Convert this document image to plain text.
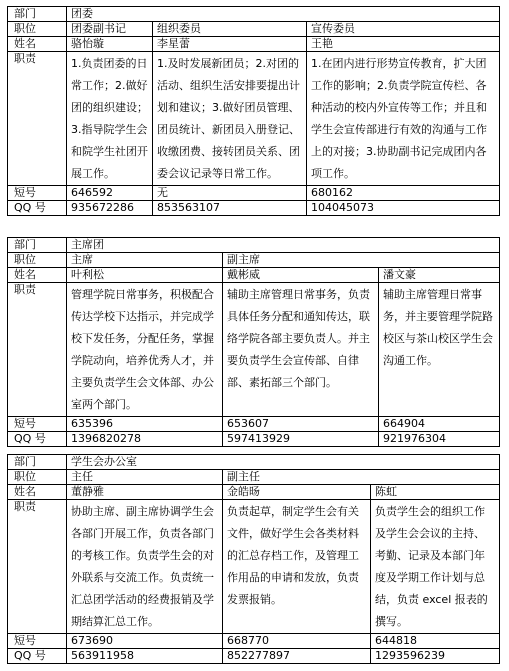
部门	团委		
职位	团委副书记	组织委员	宣传委员
姓名	骆怡璇	李星蕾	王艳
职责	1.负责团委的日常工作；2.做好团的组织建设；3.指导院学生会和院学生社团开展工作。	1.及时发展新团员；2.对团的活动、组织生活安排要提出计划和建议；3.做好团员管理、团员统计、新团员入册登记、收缴团费、接转团员关系、团委会议记录等日常工作。	1.在团内进行形势宣传教育，扩大团工作的影响；2.负责学院宣传栏、各种活动的校内外宣传等工作；并且和学生会宣传部进行有效的沟通与工作上的对接；3.协助副书记完成团内各项工作。
短号	646592	无	680162
QQ 号	935672286	853563107	104045073
部门	主席团		
职位	主席	副主席	
姓名	叶利松	戴彬威	潘文豪
职责	管理学院日常事务，积极配合传达学校下达指示，并完成学校下发任务，分配任务，掌握学院动向，培养优秀人才，并主要负责学生会文体部、办公室两个部门。	辅助主席管理日常事务，负责具体任务分配和通知传达，联络学院各部主要负责人。并主要负责学生会宣传部、自律部、素拓部三个部门。	辅助主席管理日常事务，并主要管理学院路校区与茶山校区学生会沟通工作。
短号	635396	653607	664904
QQ 号	1396820278	597413929	921976304
部门	学生会办公室		
职位	主任	副主任	
姓名	董静雅	金皓旸	陈虹
职责	协助主席、副主席协调学生会各部门开展工作，负责各部门的考核工作。负责学生会的对外联系与交流工作。负责统一汇总团学活动的经费报销及学期结算汇总工作。	负责起草，制定学生会有关文件，做好学生会各类材料的汇总存档工作，及管理工作用品的申请和发放，负责发票报销。	负责学生会的组织工作及学生会会议的主持、考勤、记录及本部门年度及学期工作计划与总结，负责 excel 报表的撰写。
短号	673690	668770	644818
QQ 号	563911958	852277897	1293596239
